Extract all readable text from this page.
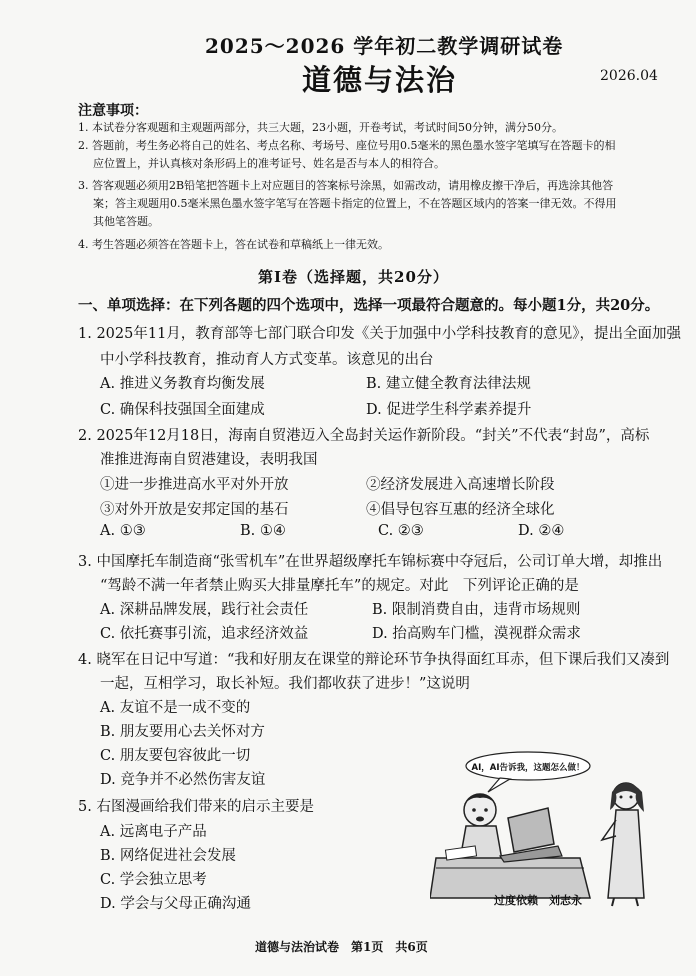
2025～2026 学年初二教学调研试卷
道德与法治	2026.04
注意事项：
1. 本试卷分客观题和主观题两部分，共三大题，23小题，开卷考试，考试时间50分钟，满分50分。
2. 答题前，考生务必将自己的姓名、考点名称、考场号、座位号用0.5毫米的黑色墨水签字笔填写在答题卡的相
应位置上，并认真核对条形码上的准考证号、姓名是否与本人的相符合。
3. 答客观题必须用2B铅笔把答题卡上对应题目的答案标号涂黑，如需改动，请用橡皮擦干净后，再选涂其他答
案；答主观题用0.5毫米黑色墨水签字笔写在答题卡指定的位置上，不在答题区域内的答案一律无效。不得用
其他笔答题。
4. 考生答题必须答在答题卡上，答在试卷和草稿纸上一律无效。
第Ⅰ卷（选择题，共20分）
一、单项选择：在下列各题的四个选项中，选择一项最符合题意的。每小题1分，共20分。
1. 2025年11月，教育部等七部门联合印发《关于加强中小学科技教育的意见》，提出全面加强
中小学科技教育，推动育人方式变革。该意见的出台
A. 推进义务教育均衡发展	B. 建立健全教育法律法规
C. 确保科技强国全面建成	D. 促进学生科学素养提升
2. 2025年12月18日，海南自贸港迈入全岛封关运作新阶段。“封关”不代表“封岛”，高标
准推进海南自贸港建设，表明我国
①进一步推进高水平对外开放	②经济发展进入高速增长阶段
③对外开放是安邦定国的基石	④倡导包容互惠的经济全球化
A. ①③	B. ①④	C. ②③	D. ②④
3. 中国摩托车制造商“张雪机车”在世界超级摩托车锦标赛中夺冠后，公司订单大增，却推出
“驾龄不满一年者禁止购买大排量摩托车”的规定。对此　下列评论正确的是
A. 深耕品牌发展，践行社会责任	B. 限制消费自由，违背市场规则
C. 依托赛事引流，追求经济效益	D. 抬高购车门槛，漠视群众需求
4. 晓军在日记中写道：“我和好朋友在课堂的辩论环节争执得面红耳赤，但下课后我们又凑到
一起，互相学习，取长补短。我们都收获了进步！”这说明
A. 友谊不是一成不变的
B. 朋友要用心去关怀对方
C. 朋友要包容彼此一切
D. 竞争并不必然伤害友谊
5. 右图漫画给我们带来的启示主要是
A. 远离电子产品
B. 网络促进社会发展
C. 学会独立思考
D. 学会与父母正确沟通
AI，AI告诉我，这题怎么做！
过度依赖　刘志永
道德与法治试卷　第1页　共6页
